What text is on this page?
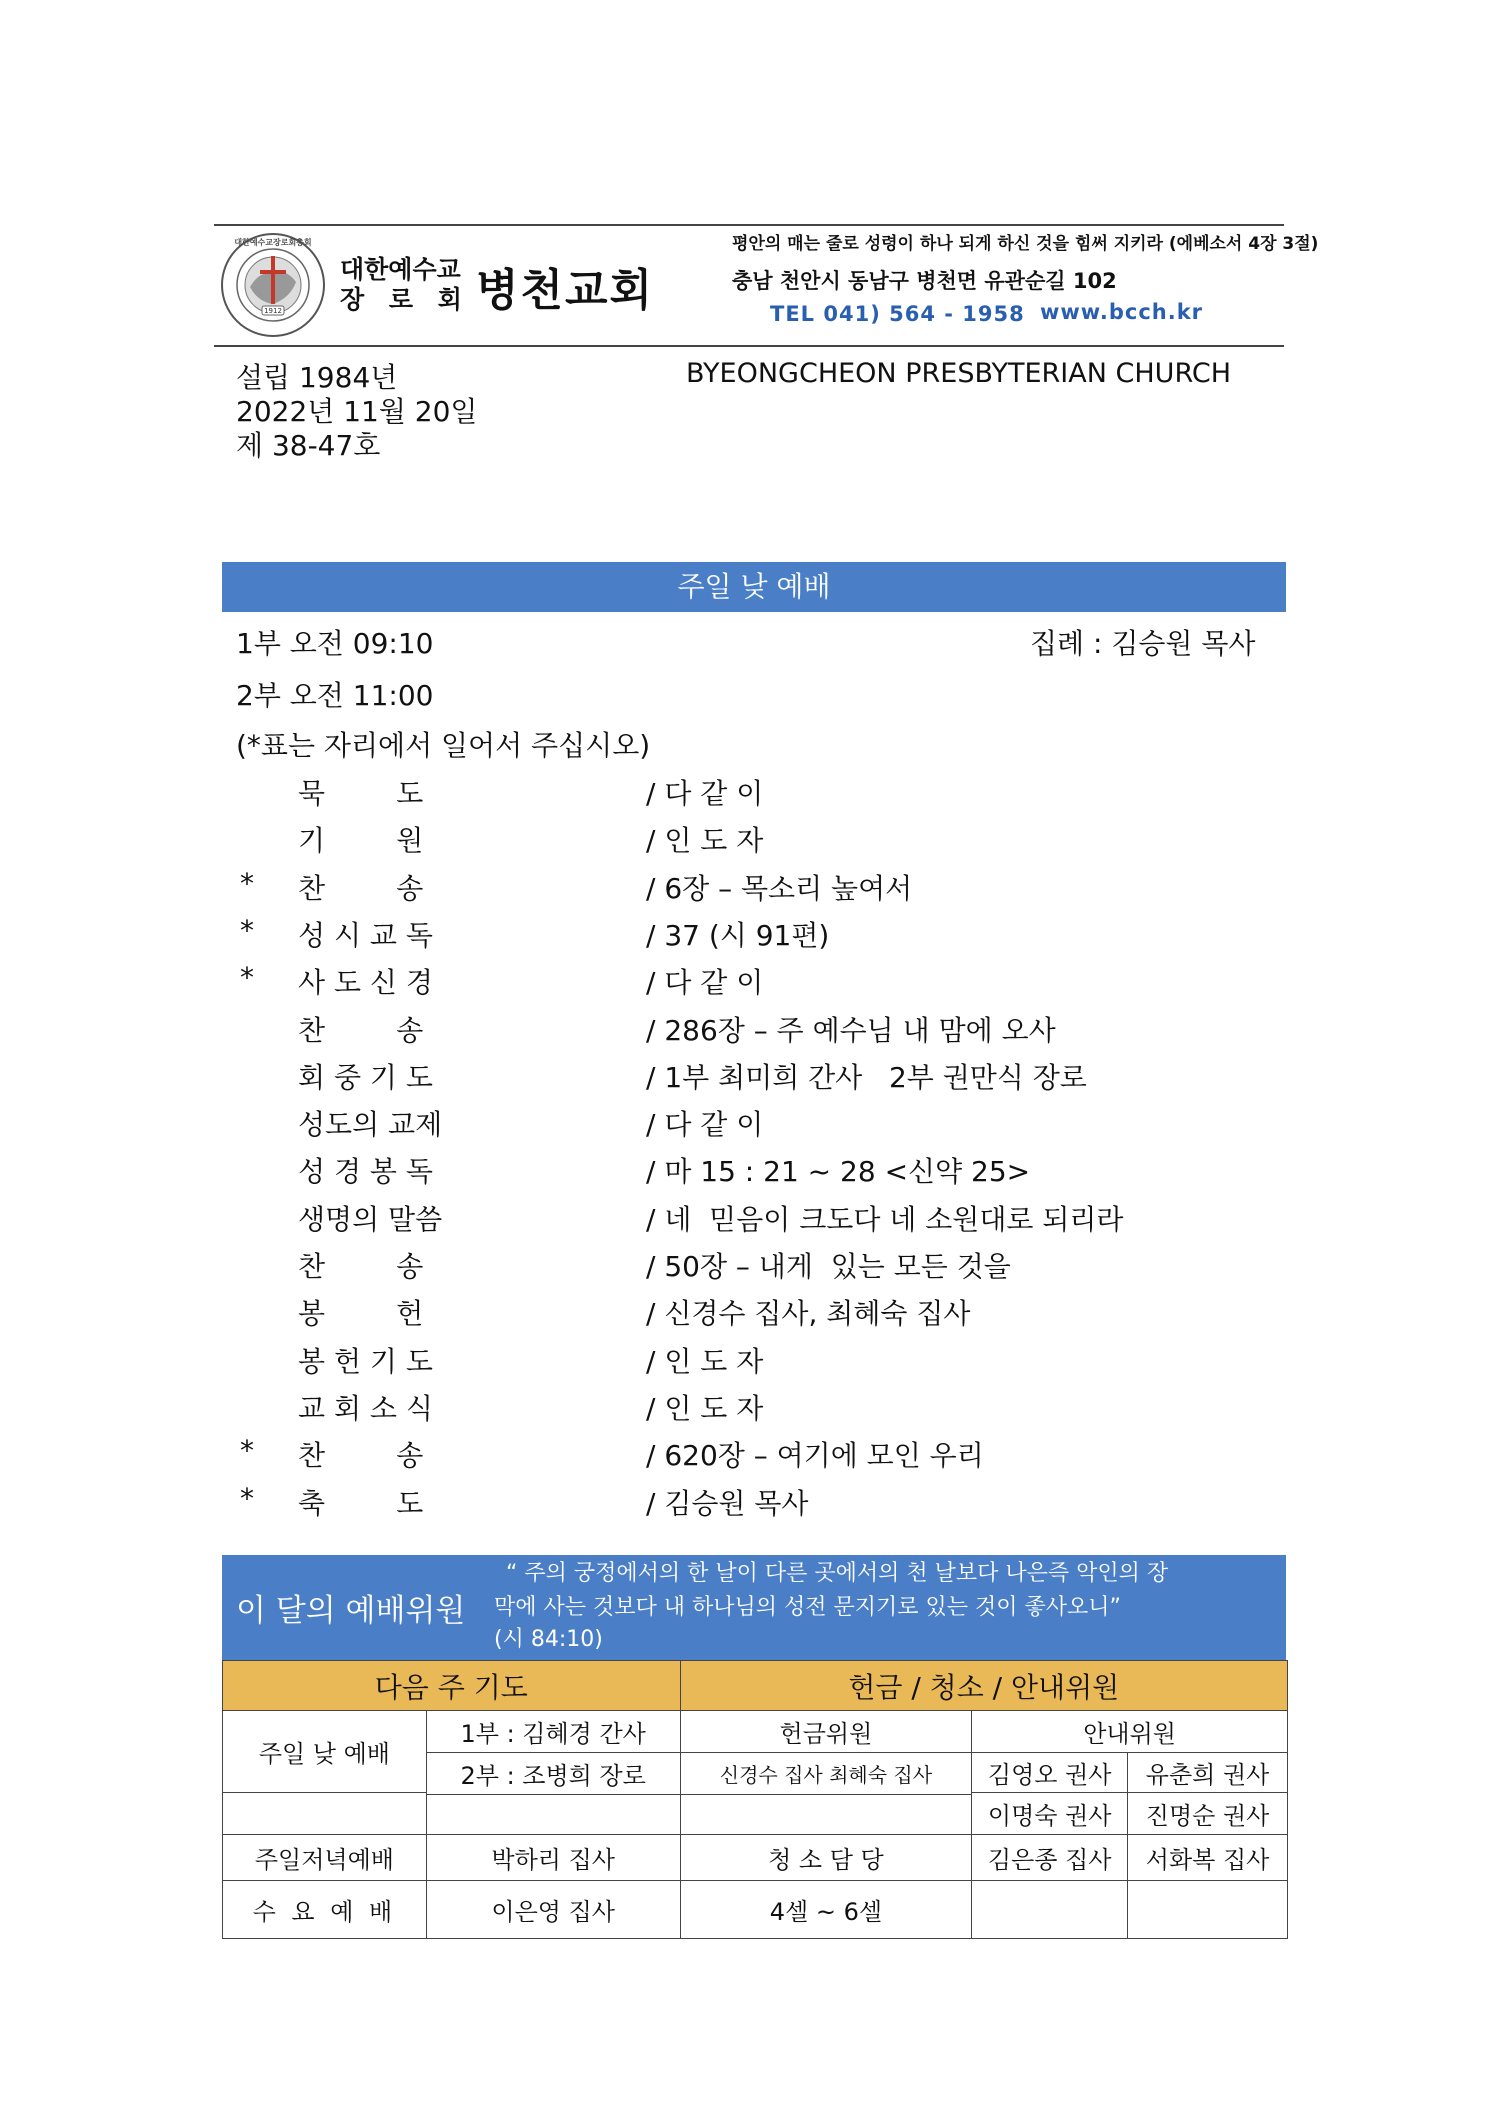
1912
대한예수교장로회총회
대한예수교
장 로 회 병천교회
평안의 매는 줄로 성령이 하나 되게 하신 것을 힘써 지키라 (에베소서 4장 3절)
충남 천안시 동남구 병천면 유관순길 102
TEL 041) 564 - 1958 www.bcch.kr
설립 1984년
2022년 11월 20일
제 38-47호
BYEONGCHEON PRESBYTERIAN CHURCH
주일 낮 예배
1부 오전 09:10	집례 : 김승원 목사
2부 오전 11:00
(*표는 자리에서 일어서 주십시오)
묵        도	/ 다 같 이
기        원	/ 인 도 자
* 찬        송	/ 6장 – 목소리 높여서
* 성 시 교 독	/ 37 (시 91편)
* 사 도 신 경	/ 다 같 이
찬        송	/ 286장 – 주 예수님 내 맘에 오사
회 중 기 도	/ 1부 최미희 간사   2부 권만식 장로
성도의 교제	/ 다 같 이
성 경 봉 독	/ 마 15 : 21 ~ 28 <신약 25>
생명의 말씀	/ 네  믿음이 크도다 네 소원대로 되리라
찬        송	/ 50장 – 내게  있는 모든 것을
봉        헌	/ 신경수 집사, 최혜숙 집사
봉 헌 기 도	/ 인 도 자
교 회 소 식	/ 인 도 자
* 찬        송	/ 620장 – 여기에 모인 우리
* 축        도	/ 김승원 목사
이 달의 예배위원
“ 주의 궁정에서의 한 날이 다른 곳에서의 천 날보다 나은즉 악인의 장
막에 사는 것보다 내 하나님의 성전 문지기로 있는 것이 좋사오니”
(시 84:10)
다음 주 기도		헌금 / 청소 / 안내위원		
주일 낮 예배	1부 : 김혜경 간사	헌금위원	안내위원	
	2부 : 조병희 장로	신경수 집사 최혜숙 집사	김영오 권사	유춘희 권사
			이명숙 권사	진명순 권사

주일저녁예배	박하리 집사	청 소 담 당	김은종 집사	서화복 집사
수 요 예 배	이은영 집사	4셀 ~ 6셀		
